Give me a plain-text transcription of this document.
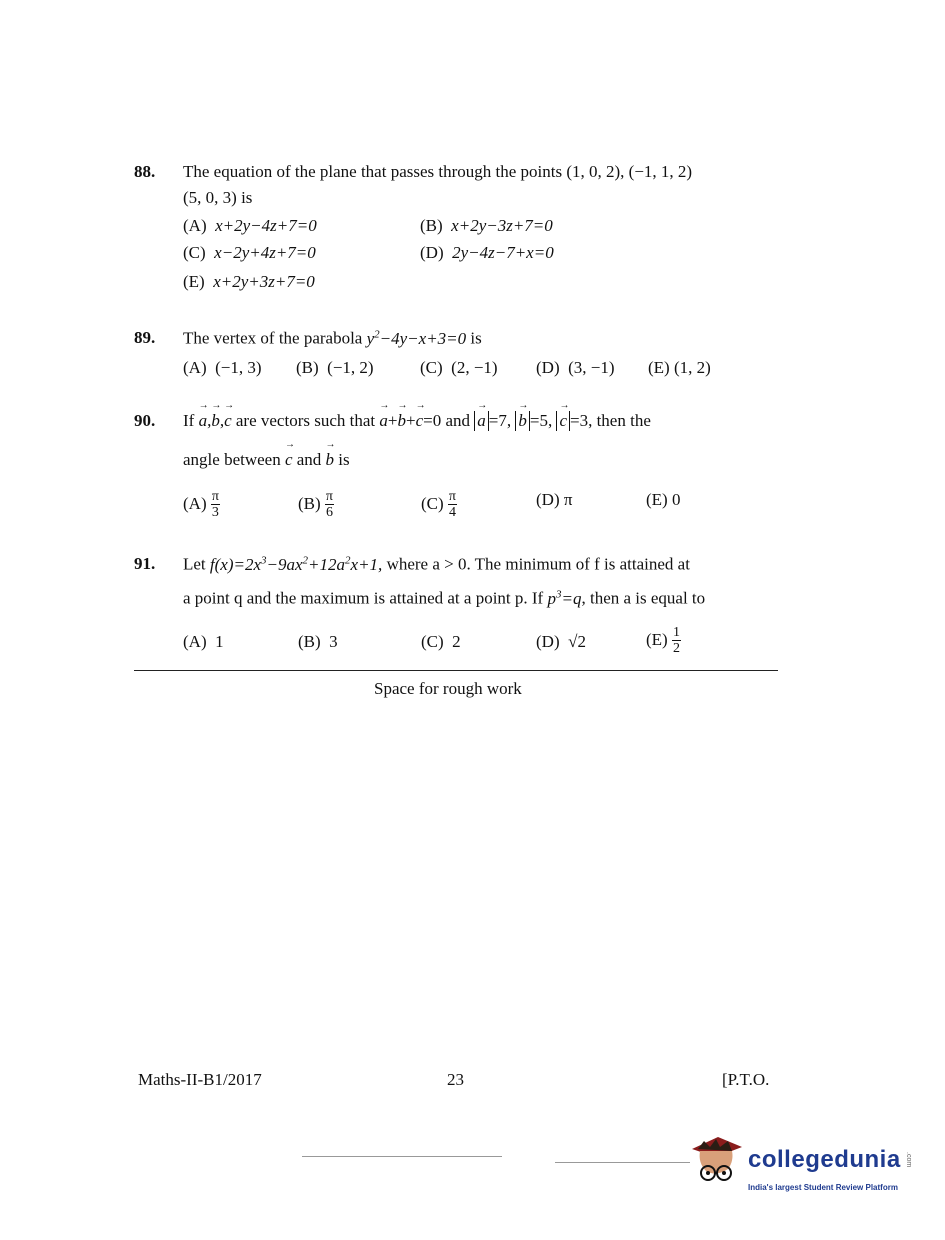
88. The equation of the plane that passes through the points (1, 0, 2), (−1, 1, 2)
(5, 0, 3) is
(A) x+2y−4z+7=0	(B) x+2y−3z+7=0
(C) x−2y+4z+7=0	(D) 2y−4z−7+x=0
(E) x+2y+3z+7=0
89. The vertex of the parabola $y^2-4y-x+3=0$ is
(A) (−1, 3) (B) (−1, 2)	(C) (2, −1) (D) (3, −1) (E) (1, 2)
90. If → a,→ b,→ c are vectors such that → a+→ b+→ c=0 and → a =7, → b =5, → c =3, then the
angle between → c and → b is
$(A) \frac{\pi}{3}$	$(B) \frac{\pi}{6}$	$(C) \frac{\pi}{4}$	(D) π	(E) 0
91. Let $f(x)=2x^3-9ax^2+12a^2x+1$, where a > 0. The minimum of f is attained at
a point q and the maximum is attained at a point p. If $p^3=q$, then a is equal to
(A) 1	(B) 3	(C) 2	(D) √2	$(E) \frac{1}{2}$
Space for rough work
Maths-II-B1/2017	23	[P.T.O.
collegedunia .com
India's largest Student Review Platform
